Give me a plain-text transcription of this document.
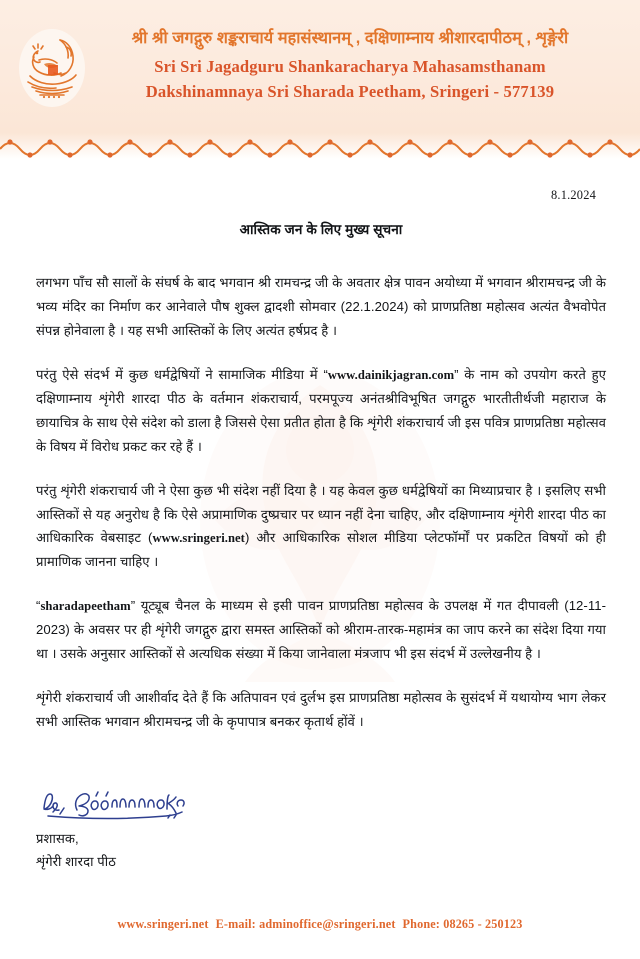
श्री श्री जगद्गुरु शङ्कराचार्य महासंस्थानम् , दक्षिणाम्नाय श्रीशारदापीठम् , शृङ्गेरी
Sri Sri Jagadguru Shankaracharya Mahasamsthanam
Dakshinamnaya Sri Sharada Peetham, Sringeri - 577139
8.1.2024
आस्तिक जन के लिए मुख्य सूचना

लगभग पाँच सौ सालों के संघर्ष के बाद भगवान श्री रामचन्द्र जी के अवतार क्षेत्र पावन अयोध्या में भगवान श्रीरामचन्द्र जी के भव्य मंदिर का निर्माण कर आनेवाले पौष शुक्ल द्वादशी सोमवार (22.1.2024) को प्राणप्रतिष्ठा महोत्सव अत्यंत वैभवोपेत संपन्न होनेवाला है । यह सभी आस्तिकों के लिए अत्यंत हर्षप्रद है ।

परंतु ऐसे संदर्भ में कुछ धर्मद्वेषियों ने सामाजिक मीडिया में “www.dainikjagran.com” के नाम को उपयोग करते हुए दक्षिणाम्नाय शृंगेरी शारदा पीठ के वर्तमान शंकराचार्य, परमपूज्य अनंतश्रीविभूषित जगद्गुरु भारतीतीर्थजी महाराज के छायाचित्र के साथ ऐसे संदेश को डाला है जिससे ऐसा प्रतीत होता है कि शृंगेरी शंकराचार्य जी इस पवित्र प्राणप्रतिष्ठा महोत्सव के विषय में विरोध प्रकट कर रहे हैं ।

परंतु शृंगेरी शंकराचार्य जी ने ऐसा कुछ भी संदेश नहीं दिया है । यह केवल कुछ धर्मद्वेषियों का मिथ्याप्रचार है । इसलिए सभी आस्तिकों से यह अनुरोध है कि ऐसे अप्रामाणिक दुष्प्रचार पर ध्यान नहीं देना चाहिए, और दक्षिणाम्नाय शृंगेरी शारदा पीठ का आधिकारिक वेबसाइट (www.sringeri.net) और आधिकारिक सोशल मीडिया प्लेटफॉर्मों पर प्रकटित विषयों को ही प्रामाणिक जानना चाहिए ।

“sharadapeetham” यूट्यूब चैनल के माध्यम से इसी पावन प्राणप्रतिष्ठा महोत्सव के उपलक्ष में गत दीपावली (12-11-2023) के अवसर पर ही शृंगेरी जगद्गुरु द्वारा समस्त आस्तिकों को श्रीराम-तारक-महामंत्र का जाप करने का संदेश दिया गया था । उसके अनुसार आस्तिकों से अत्यधिक संख्या में किया जानेवाला मंत्रजाप भी इस संदर्भ में उल्लेखनीय है ।

शृंगेरी शंकराचार्य जी आशीर्वाद देते हैं कि अतिपावन एवं दुर्लभ इस प्राणप्रतिष्ठा महोत्सव के सुसंदर्भ में यथायोग्य भाग लेकर सभी आस्तिक भगवान श्रीरामचन्द्र जी के कृपापात्र बनकर कृतार्थ होंवें ।

प्रशासक,
शृंगेरी शारदा पीठ
www.sringeri.net E-mail: adminoffice@sringeri.net Phone: 08265 - 250123
